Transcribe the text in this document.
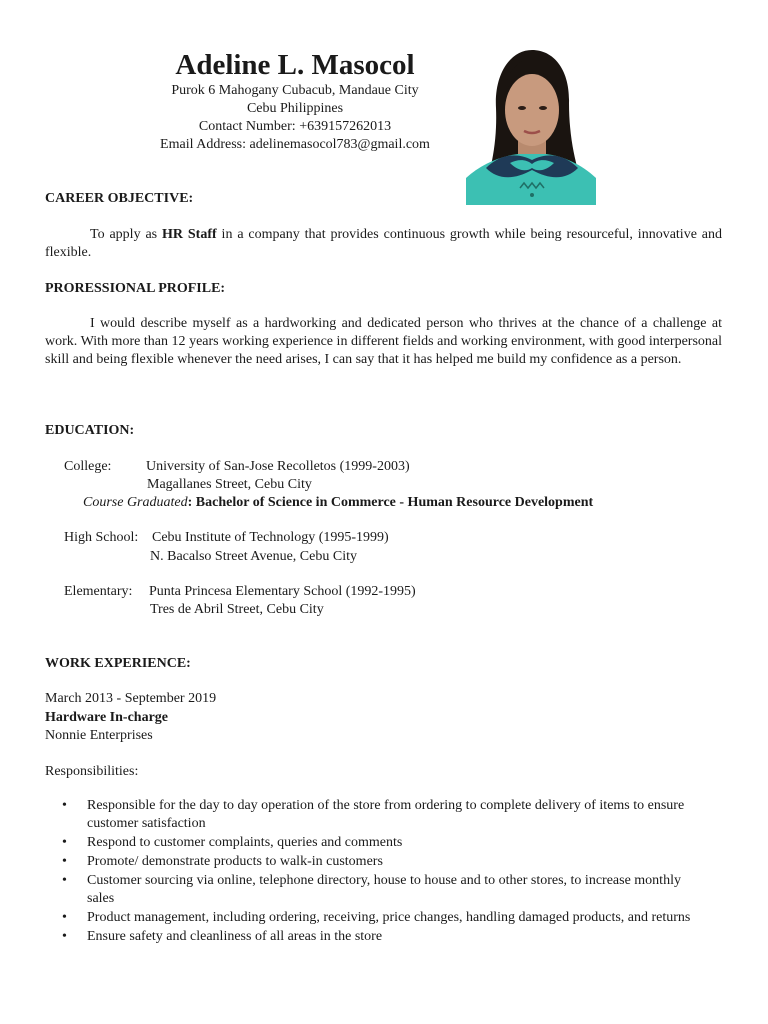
Adeline L. Masocol
Purok 6 Mahogany Cubacub, Mandaue City
Cebu Philippines
Contact Number: +639157262013
Email Address: adelinemasocol783@gmail.com
CAREER OBJECTIVE:
To apply as HR Staff in a company that provides continuous growth while being resourceful, innovative and flexible.
PRORESSIONAL PROFILE:
I would describe myself as a hardworking and dedicated person who thrives at the chance of a challenge at work. With more than 12 years working experience in different fields and working environment, with good interpersonal skill and being flexible whenever the need arises, I can say that it has helped me build my confidence as a person.
EDUCATION:
College: University of San-Jose Recolletos (1999-2003)
Magallanes Street, Cebu City
Course Graduated: Bachelor of Science in Commerce - Human Resource Development
High School: Cebu Institute of Technology (1995-1999)
N. Bacalso Street Avenue, Cebu City
Elementary: Punta Princesa Elementary School (1992-1995)
Tres de Abril Street, Cebu City
WORK EXPERIENCE:
March 2013 - September 2019
Hardware In-charge
Nonnie Enterprises
Responsibilities:
• Responsible for the day to day operation of the store from ordering to complete delivery of items to ensure customer satisfaction
• Respond to customer complaints, queries and comments
• Promote/ demonstrate products to walk-in customers
• Customer sourcing via online, telephone directory, house to house and to other stores, to increase monthly sales
• Product management, including ordering, receiving, price changes, handling damaged products, and returns
• Ensure safety and cleanliness of all areas in the store
